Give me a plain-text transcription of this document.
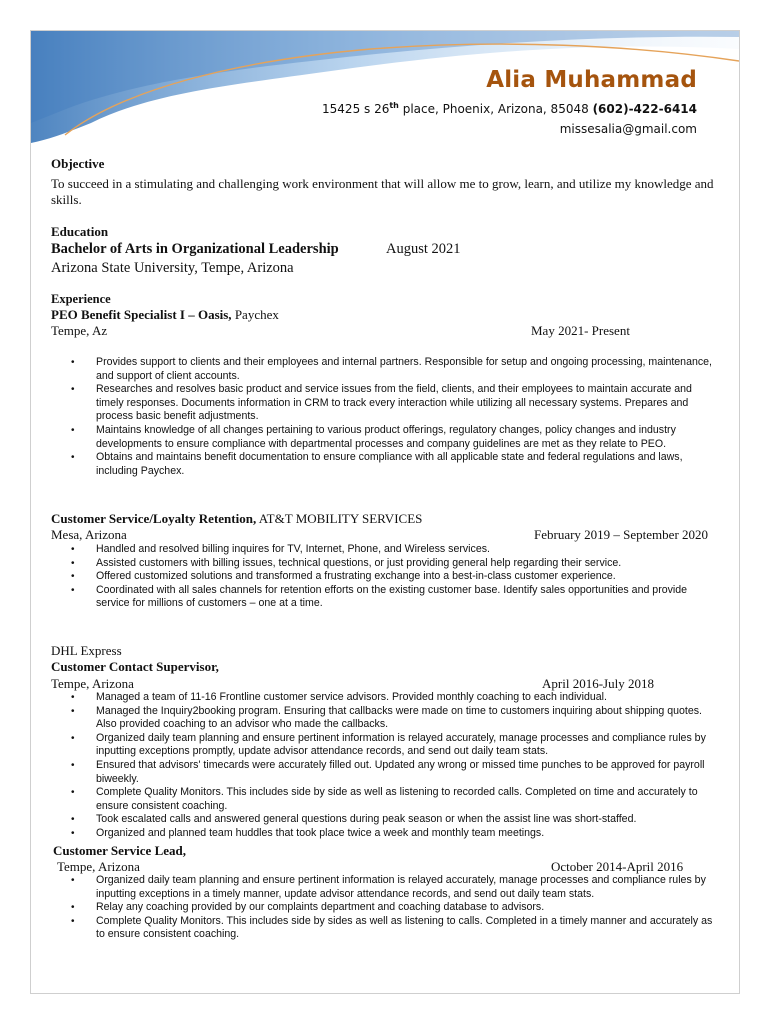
Alia Muhammad
15425 s 26th place, Phoenix, Arizona, 85048 (602)-422-6414
missesalia@gmail.com
Objective
To succeed in a stimulating and challenging work environment that will allow me to grow, learn, and utilize my knowledge and skills.
Education
Bachelor of Arts in Organizational Leadership	August 2021
Arizona State University, Tempe, Arizona
Experience
PEO Benefit Specialist I – Oasis, Paychex
Tempe, Az	May 2021- Present
• Provides support to clients and their employees and internal partners. Responsible for setup and ongoing processing, maintenance, and support of client accounts.
• Researches and resolves basic product and service issues from the field, clients, and their employees to maintain accurate and timely responses. Documents information in CRM to track every interaction while utilizing all necessary systems. Prepares and process basic benefit adjustments.
• Maintains knowledge of all changes pertaining to various product offerings, regulatory changes, policy changes and industry developments to ensure compliance with departmental processes and company guidelines are met as they relate to PEO.
• Obtains and maintains benefit documentation to ensure compliance with all applicable state and federal regulations and laws, including Paychex.
Customer Service/Loyalty Retention, AT&T MOBILITY SERVICES
Mesa, Arizona	February 2019 – September 2020
• Handled and resolved billing inquires for TV, Internet, Phone, and Wireless services.
• Assisted customers with billing issues, technical questions, or just providing general help regarding their service.
• Offered customized solutions and transformed a frustrating exchange into a best-in-class customer experience.
• Coordinated with all sales channels for retention efforts on the existing customer base. Identify sales opportunities and provide service for millions of customers – one at a time.
DHL Express
Customer Contact Supervisor,
Tempe, Arizona	April 2016-July 2018
• Managed a team of 11-16 Frontline customer service advisors. Provided monthly coaching to each individual.
• Managed the Inquiry2booking program. Ensuring that callbacks were made on time to customers inquiring about shipping quotes. Also provided coaching to an advisor who made the callbacks.
• Organized daily team planning and ensure pertinent information is relayed accurately, manage processes and compliance rules by inputting exceptions promptly, update advisor attendance records, and send out daily team stats.
• Ensured that advisors' timecards were accurately filled out. Updated any wrong or missed time punches to be approved for payroll biweekly.
• Complete Quality Monitors. This includes side by side as well as listening to recorded calls. Completed on time and accurately to ensure consistent coaching.
• Took escalated calls and answered general questions during peak season or when the assist line was short-staffed.
• Organized and planned team huddles that took place twice a week and monthly team meetings.
Customer Service Lead,
Tempe, Arizona	October 2014-April 2016
• Organized daily team planning and ensure pertinent information is relayed accurately, manage processes and compliance rules by inputting exceptions in a timely manner, update advisor attendance records, and send out daily team stats.
• Relay any coaching provided by our complaints department and coaching database to advisors.
• Complete Quality Monitors. This includes side by sides as well as listening to calls. Completed in a timely manner and accurately as to ensure consistent coaching.
